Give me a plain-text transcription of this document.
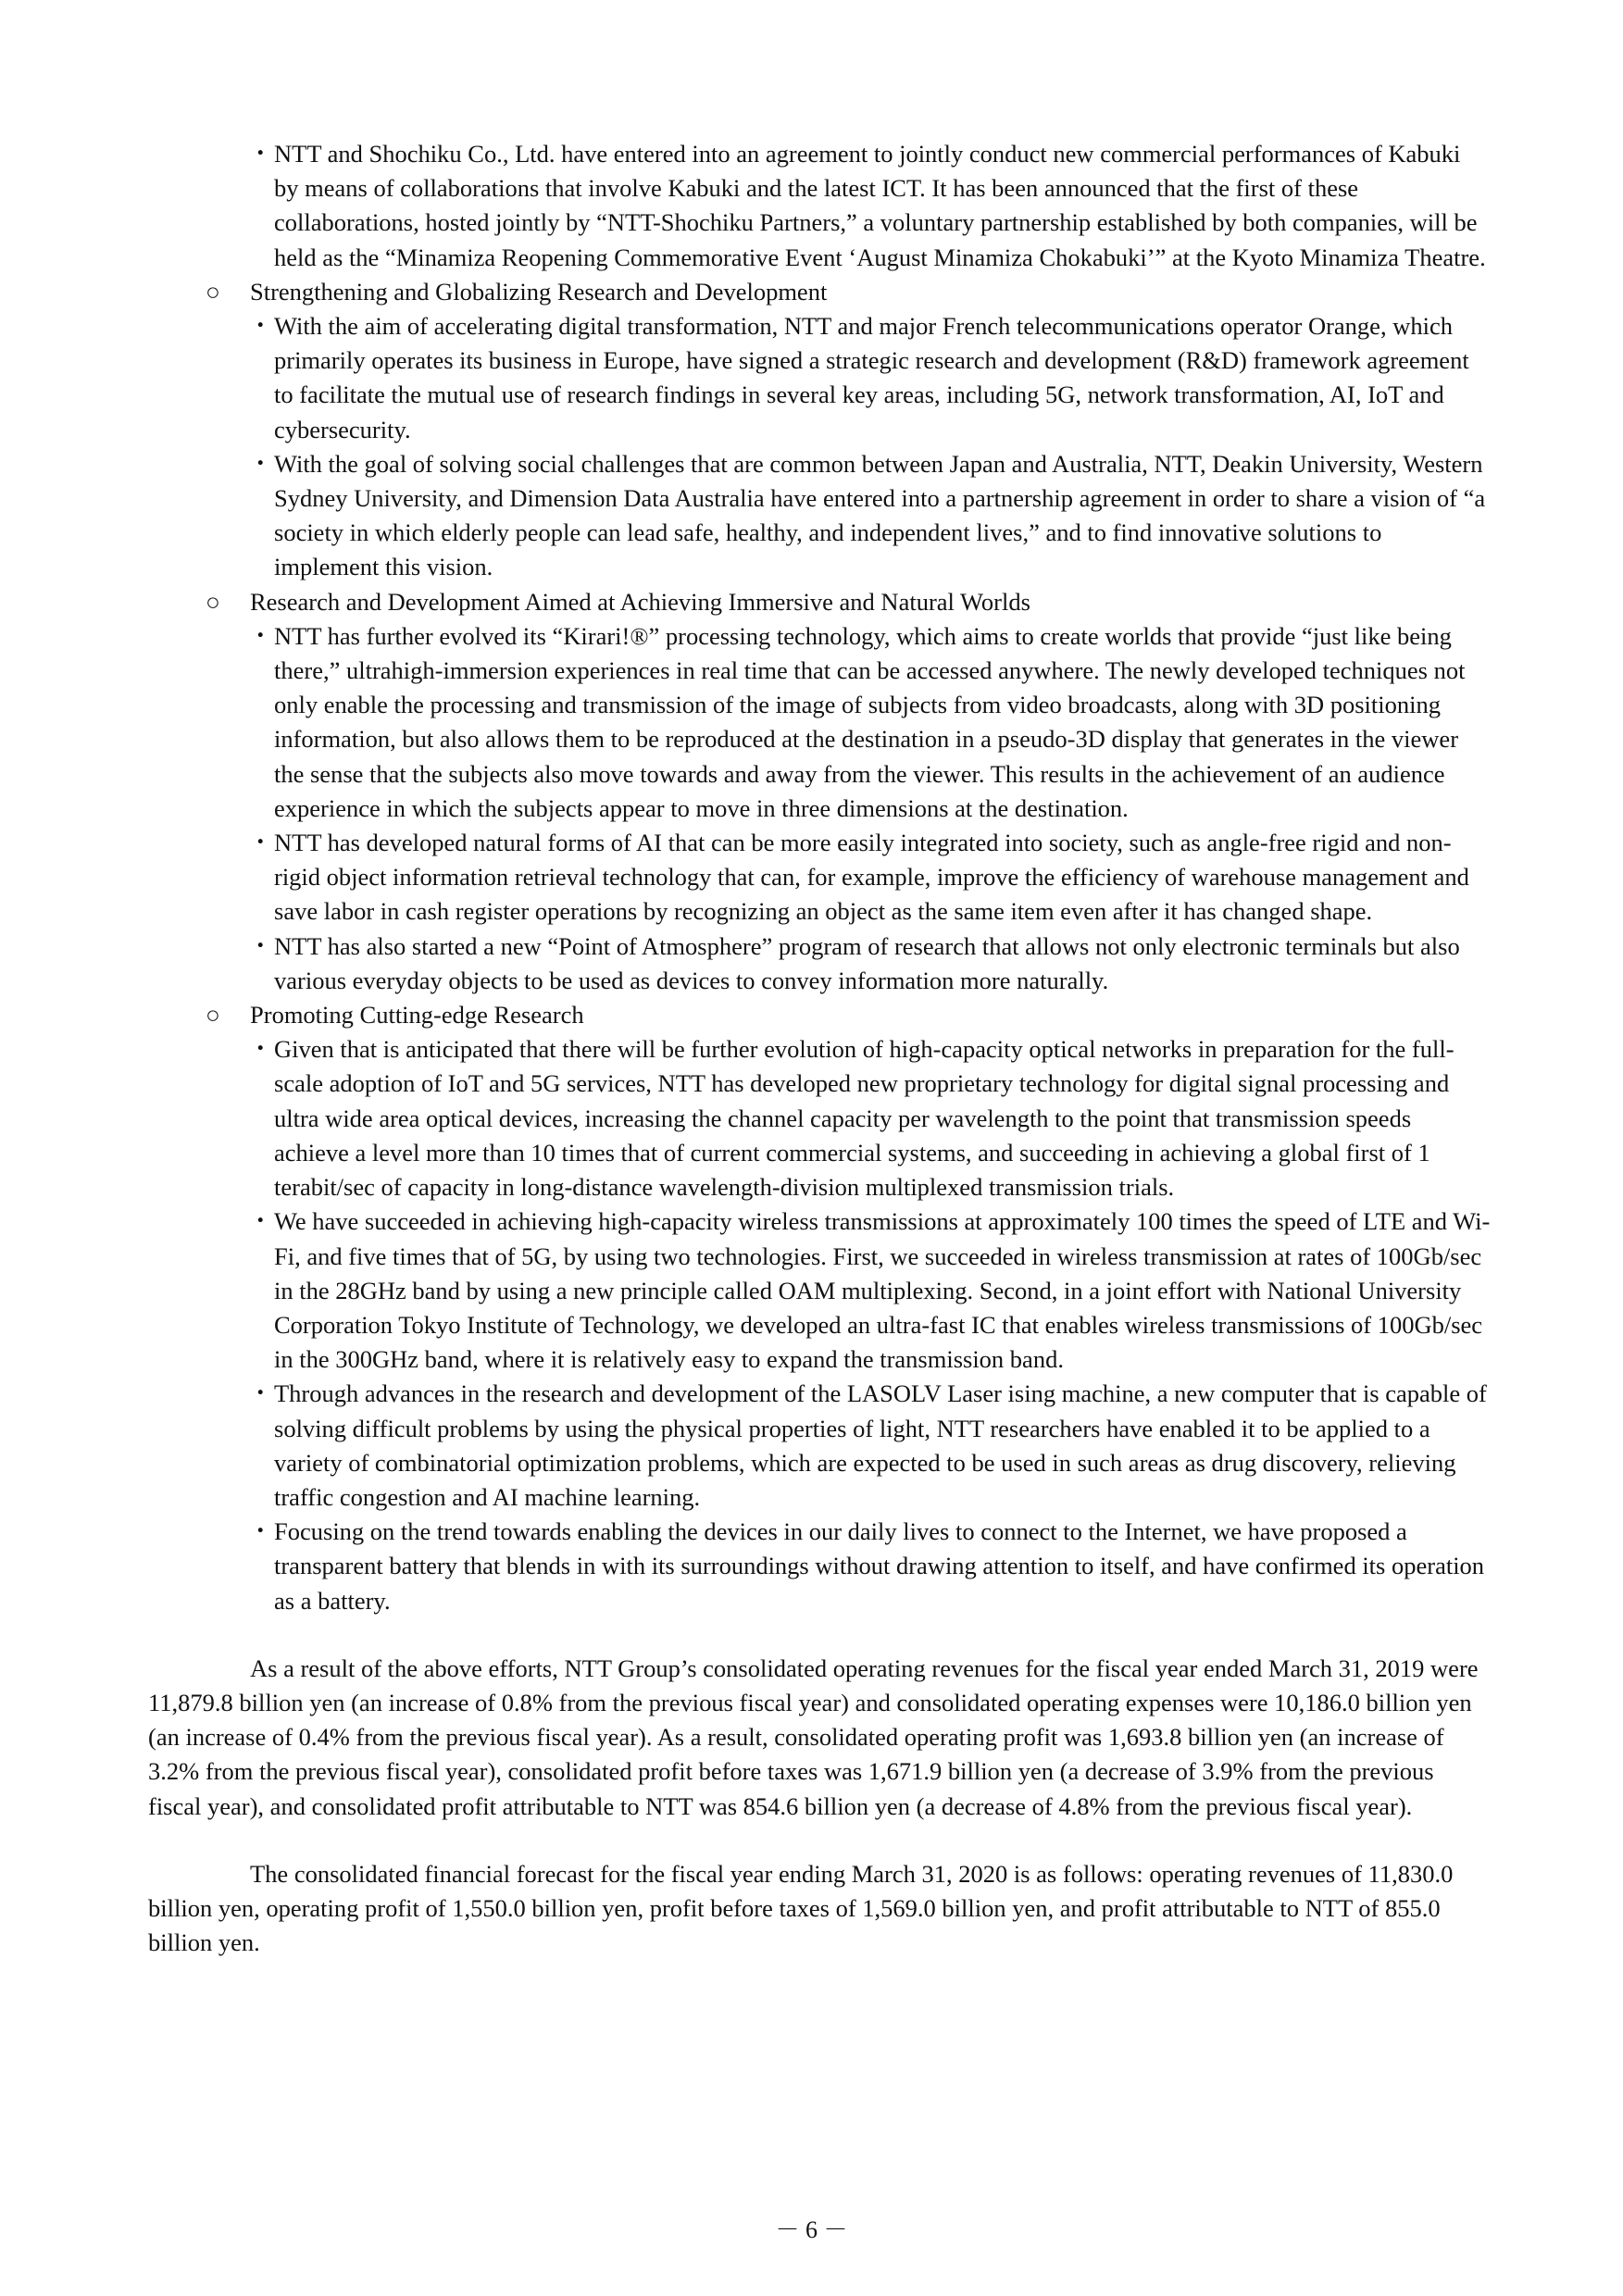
・ NTT and Shochiku Co., Ltd. have entered into an agreement to jointly conduct new commercial performances of Kabuki by means of collaborations that involve Kabuki and the latest ICT. It has been announced that the first of these collaborations, hosted jointly by “NTT-Shochiku Partners,” a voluntary partnership established by both companies, will be held as the “Minamiza Reopening Commemorative Event ‘August Minamiza Chokabuki’” at the Kyoto Minamiza Theatre.
○	Strengthening and Globalizing Research and Development
・ With the aim of accelerating digital transformation, NTT and major French telecommunications operator Orange, which primarily operates its business in Europe, have signed a strategic research and development (R&D) framework agreement to facilitate the mutual use of research findings in several key areas, including 5G, network transformation, AI, IoT and cybersecurity.
・ With the goal of solving social challenges that are common between Japan and Australia, NTT, Deakin University, Western Sydney University, and Dimension Data Australia have entered into a partnership agreement in order to share a vision of “a society in which elderly people can lead safe, healthy, and independent lives,” and to find innovative solutions to implement this vision.
○	Research and Development Aimed at Achieving Immersive and Natural Worlds
・ NTT has further evolved its “Kirari!®” processing technology, which aims to create worlds that provide “just like being there,” ultrahigh-immersion experiences in real time that can be accessed anywhere. The newly developed techniques not only enable the processing and transmission of the image of subjects from video broadcasts, along with 3D positioning information, but also allows them to be reproduced at the destination in a pseudo-3D display that generates in the viewer the sense that the subjects also move towards and away from the viewer. This results in the achievement of an audience experience in which the subjects appear to move in three dimensions at the destination.
・ NTT has developed natural forms of AI that can be more easily integrated into society, such as angle-free rigid and non-rigid object information retrieval technology that can, for example, improve the efficiency of warehouse management and save labor in cash register operations by recognizing an object as the same item even after it has changed shape.
・ NTT has also started a new “Point of Atmosphere” program of research that allows not only electronic terminals but also various everyday objects to be used as devices to convey information more naturally.
○	Promoting Cutting-edge Research
・ Given that is anticipated that there will be further evolution of high-capacity optical networks in preparation for the full-scale adoption of IoT and 5G services, NTT has developed new proprietary technology for digital signal processing and ultra wide area optical devices, increasing the channel capacity per wavelength to the point that transmission speeds achieve a level more than 10 times that of current commercial systems, and succeeding in achieving a global first of 1 terabit/sec of capacity in long-distance wavelength-division multiplexed transmission trials.
・ We have succeeded in achieving high-capacity wireless transmissions at approximately 100 times the speed of LTE and Wi-Fi, and five times that of 5G, by using two technologies. First, we succeeded in wireless transmission at rates of 100Gb/sec in the 28GHz band by using a new principle called OAM multiplexing. Second, in a joint effort with National University Corporation Tokyo Institute of Technology, we developed an ultra-fast IC that enables wireless transmissions of 100Gb/sec in the 300GHz band, where it is relatively easy to expand the transmission band.
・ Through advances in the research and development of the LASOLV Laser ising machine, a new computer that is capable of solving difficult problems by using the physical properties of light, NTT researchers have enabled it to be applied to a variety of combinatorial optimization problems, which are expected to be used in such areas as drug discovery, relieving traffic congestion and AI machine learning.
・ Focusing on the trend towards enabling the devices in our daily lives to connect to the Internet, we have proposed a transparent battery that blends in with its surroundings without drawing attention to itself, and have confirmed its operation as a battery.

As a result of the above efforts, NTT Group’s consolidated operating revenues for the fiscal year ended March 31, 2019 were 11,879.8 billion yen (an increase of 0.8% from the previous fiscal year) and consolidated operating expenses were 10,186.0 billion yen (an increase of 0.4% from the previous fiscal year). As a result, consolidated operating profit was 1,693.8 billion yen (an increase of 3.2% from the previous fiscal year), consolidated profit before taxes was 1,671.9 billion yen (a decrease of 3.9% from the previous fiscal year), and consolidated profit attributable to NTT was 854.6 billion yen (a decrease of 4.8% from the previous fiscal year).

The consolidated financial forecast for the fiscal year ending March 31, 2020 is as follows: operating revenues of 11,830.0 billion yen, operating profit of 1,550.0 billion yen, profit before taxes of 1,569.0 billion yen, and profit attributable to NTT of 855.0 billion yen.

－ 6 －
